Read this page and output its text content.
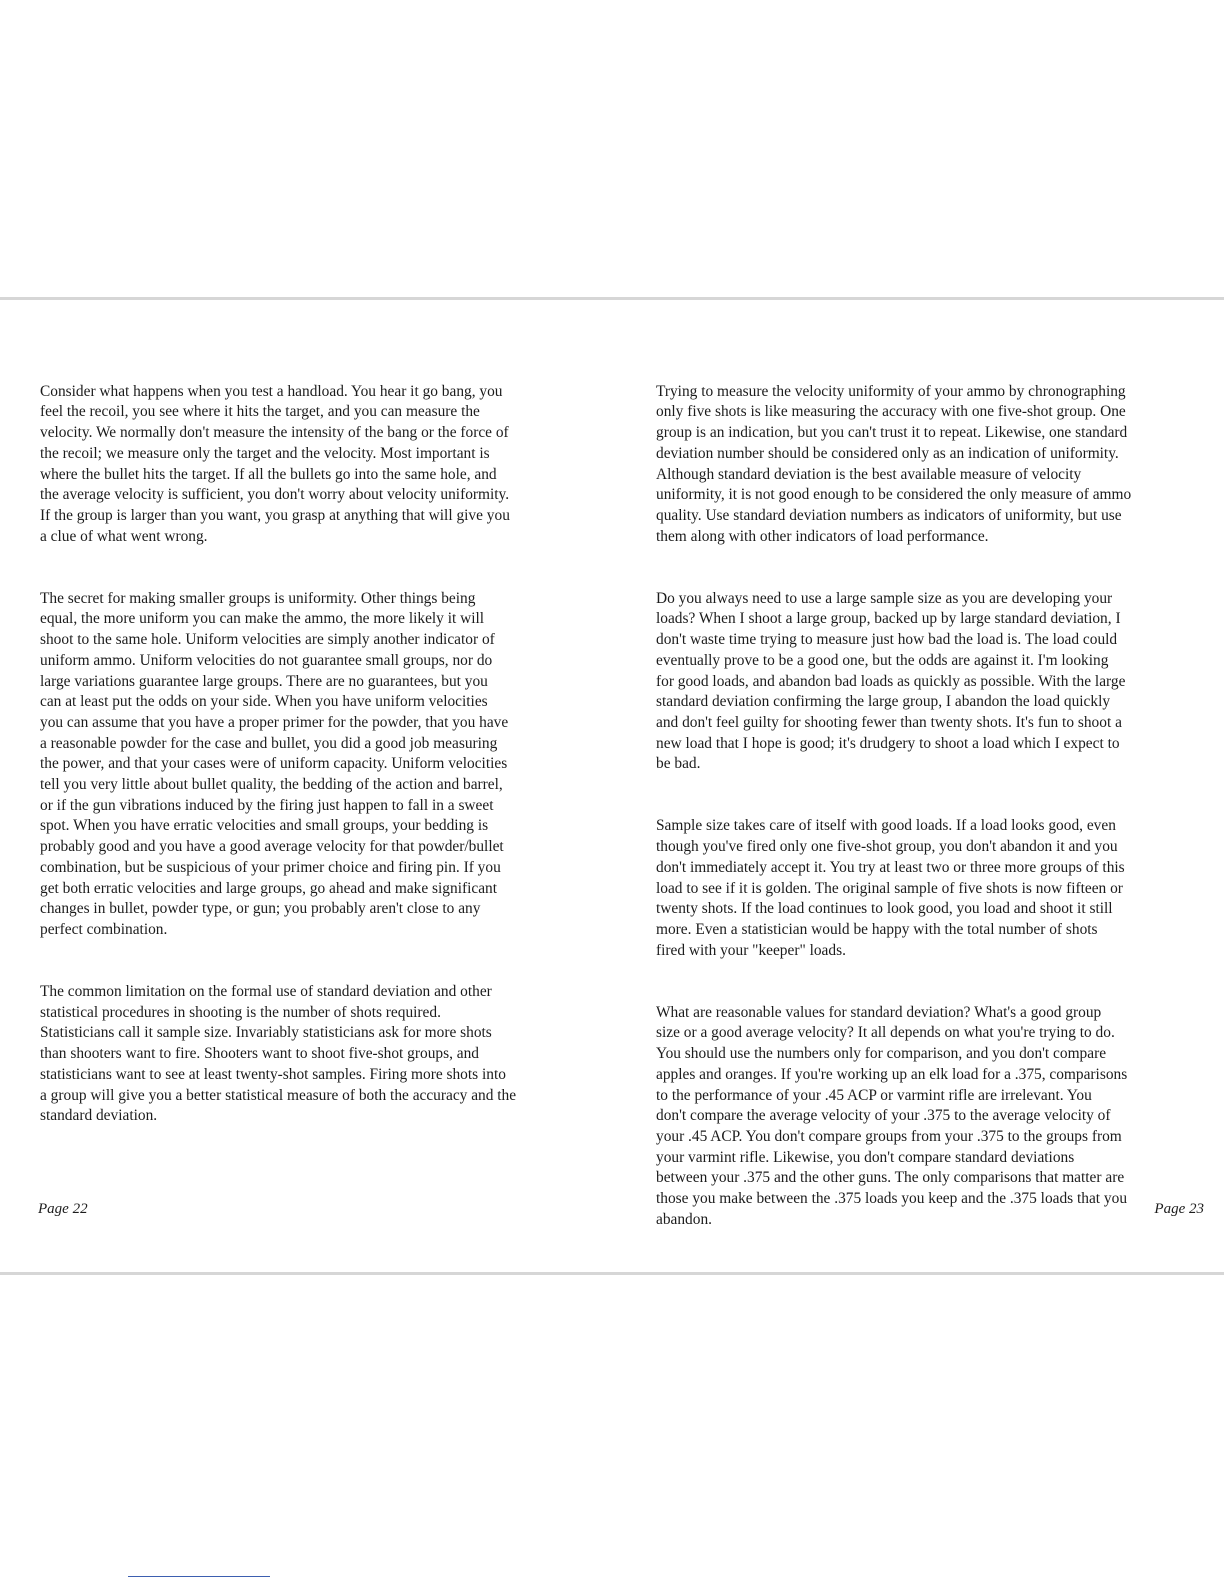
Consider what happens when you test a handload. You hear it go bang, you
feel the recoil, you see where it hits the target, and you can measure the
velocity. We normally don't measure the intensity of the bang or the force of
the recoil; we measure only the target and the velocity. Most important is
where the bullet hits the target. If all the bullets go into the same hole, and
the average velocity is sufficient, you don't worry about velocity uniformity.
If the group is larger than you want, you grasp at anything that will give you
a clue of what went wrong.

The secret for making smaller groups is uniformity. Other things being
equal, the more uniform you can make the ammo, the more likely it will
shoot to the same hole. Uniform velocities are simply another indicator of
uniform ammo. Uniform velocities do not guarantee small groups, nor do
large variations guarantee large groups. There are no guarantees, but you
can at least put the odds on your side. When you have uniform velocities
you can assume that you have a proper primer for the powder, that you have
a reasonable powder for the case and bullet, you did a good job measuring
the power, and that your cases were of uniform capacity. Uniform velocities
tell you very little about bullet quality, the bedding of the action and barrel,
or if the gun vibrations induced by the firing just happen to fall in a sweet
spot. When you have erratic velocities and small groups, your bedding is
probably good and you have a good average velocity for that powder/bullet
combination, but be suspicious of your primer choice and firing pin. If you
get both erratic velocities and large groups, go ahead and make significant
changes in bullet, powder type, or gun; you probably aren't close to any
perfect combination.

The common limitation on the formal use of standard deviation and other
statistical procedures in shooting is the number of shots required.
Statisticians call it sample size. Invariably statisticians ask for more shots
than shooters want to fire. Shooters want to shoot five-shot groups, and
statisticians want to see at least twenty-shot samples. Firing more shots into
a group will give you a better statistical measure of both the accuracy and the
standard deviation.

Trying to measure the velocity uniformity of your ammo by chronographing
only five shots is like measuring the accuracy with one five-shot group. One
group is an indication, but you can't trust it to repeat. Likewise, one standard
deviation number should be considered only as an indication of uniformity.
Although standard deviation is the best available measure of velocity
uniformity, it is not good enough to be considered the only measure of ammo
quality. Use standard deviation numbers as indicators of uniformity, but use
them along with other indicators of load performance.

Do you always need to use a large sample size as you are developing your
loads? When I shoot a large group, backed up by large standard deviation, I
don't waste time trying to measure just how bad the load is. The load could
eventually prove to be a good one, but the odds are against it. I'm looking
for good loads, and abandon bad loads as quickly as possible. With the large
standard deviation confirming the large group, I abandon the load quickly
and don't feel guilty for shooting fewer than twenty shots. It's fun to shoot a
new load that I hope is good; it's drudgery to shoot a load which I expect to
be bad.

Sample size takes care of itself with good loads. If a load looks good, even
though you've fired only one five-shot group, you don't abandon it and you
don't immediately accept it. You try at least two or three more groups of this
load to see if it is golden. The original sample of five shots is now fifteen or
twenty shots. If the load continues to look good, you load and shoot it still
more. Even a statistician would be happy with the total number of shots
fired with your "keeper" loads.

What are reasonable values for standard deviation? What's a good group
size or a good average velocity? It all depends on what you're trying to do.
You should use the numbers only for comparison, and you don't compare
apples and oranges. If you're working up an elk load for a .375, comparisons
to the performance of your .45 ACP or varmint rifle are irrelevant. You
don't compare the average velocity of your .375 to the average velocity of
your .45 ACP. You don't compare groups from your .375 to the groups from
your varmint rifle. Likewise, you don't compare standard deviations
between your .375 and the other guns. The only comparisons that matter are
those you make between the .375 loads you keep and the .375 loads that you
abandon.

Page 22	Page 23
